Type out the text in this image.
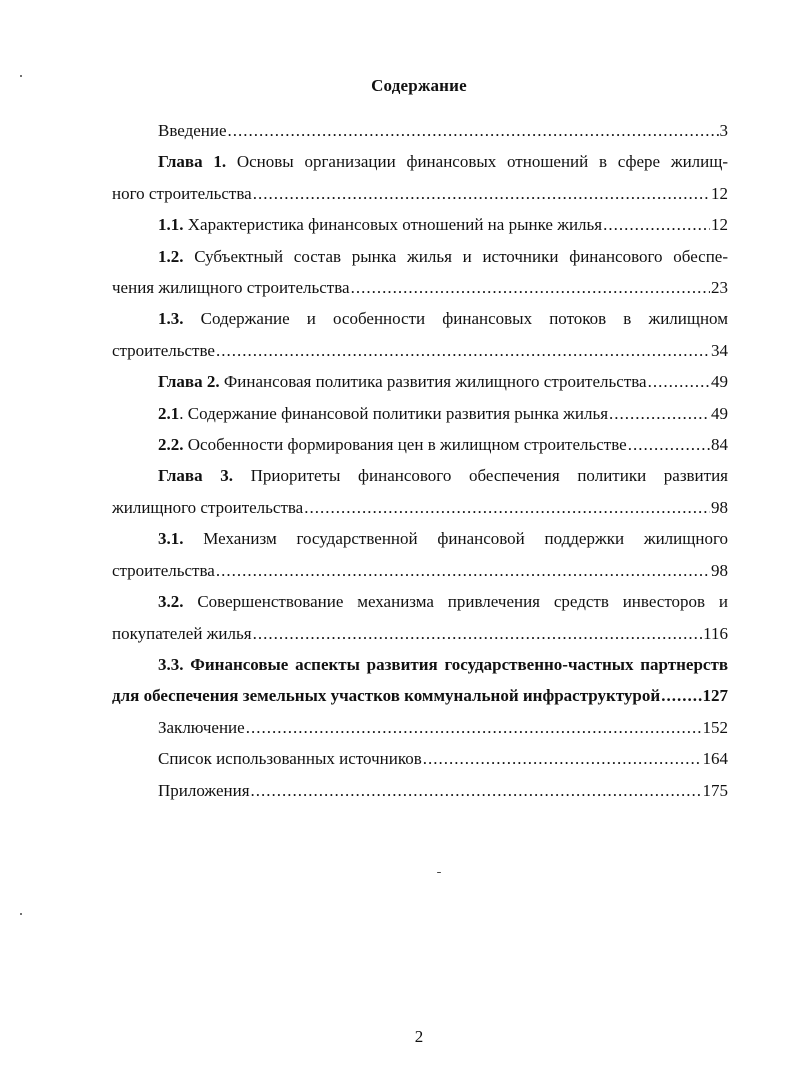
Содержание
Введение .....	3
Глава 1. Основы организации финансовых отношений в сфере жилищ-
ного строительства .....	12
1.1. Характеристика финансовых отношений на рынке жилья .....	12
1.2. Субъектный состав рынка жилья и источники финансового обеспе-
чения жилищного строительства .....	23
1.3. Содержание и особенности финансовых потоков в жилищном
строительстве .....	34
Глава 2. Финансовая политика развития жилищного строительства .....	49
2.1. Содержание финансовой политики развития рынка жилья .....	49
2.2. Особенности формирования цен в жилищном строительстве .....	84
Глава 3. Приоритеты финансового обеспечения политики развития
жилищного строительства .....	98
3.1. Механизм государственной финансовой поддержки жилищного
строительства .....	98
3.2. Совершенствование механизма привлечения средств инвесторов и
покупателей жилья .....	116
3.3. Финансовые аспекты развития государственно-частных партнерств
для обеспечения земельных участков коммунальной инфраструктурой ..... 127
Заключение .....	152
Список использованных источников .....	164
Приложения .....	175
2
